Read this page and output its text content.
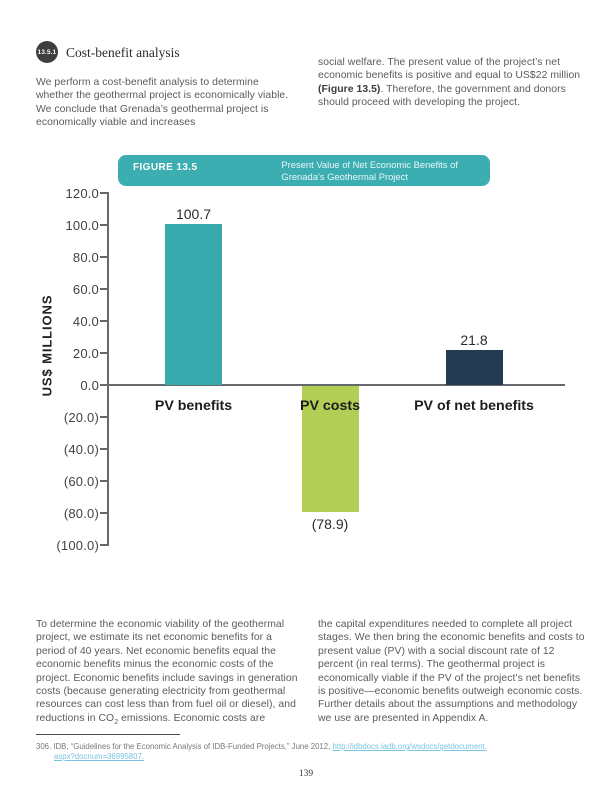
13.5.1 Cost-benefit analysis
We perform a cost-benefit analysis to determine whether the geothermal project is economically viable. We conclude that Grenada’s geothermal project is economically viable and increases
social welfare. The present value of the project’s net economic benefits is positive and equal to US$22 million (Figure 13.5). Therefore, the government and donors should proceed with developing the project.
FIGURE 13.5	Present Value of Net Economic Benefits of Grenada’s Geothermal Project
US$ MILLIONS
120.0
100.0
80.0
60.0
40.0
20.0
0.0
(20.0)
(40.0)
(60.0)
(80.0)
(100.0)
100.7
PV benefits
(78.9)
PV costs
21.8
PV of net benefits
To determine the economic viability of the geothermal project, we estimate its net economic benefits for a period of 40 years. Net economic benefits equal the economic benefits minus the economic costs of the project. Economic benefits include savings in generation costs (because generating electricity from geothermal resources can cost less than from fuel oil or diesel), and reductions in $CO_2$ emissions. Economic costs are
the capital expenditures needed to complete all project stages. We then bring the economic benefits and costs to present value (PV) with a social discount rate of 12 percent (in real terms). The geothermal project is economically viable if the PV of the project’s net benefits is positive—economic benefits outweigh economic costs. Further details about the assumptions and methodology we use are presented in Appendix A.
306. IDB, “Guidelines for the Economic Analysis of IDB-Funded Projects,” June 2012, http://idbdocs.iadb.org/wsdocs/getdocument.
aspx?docnum=36995807.
139
